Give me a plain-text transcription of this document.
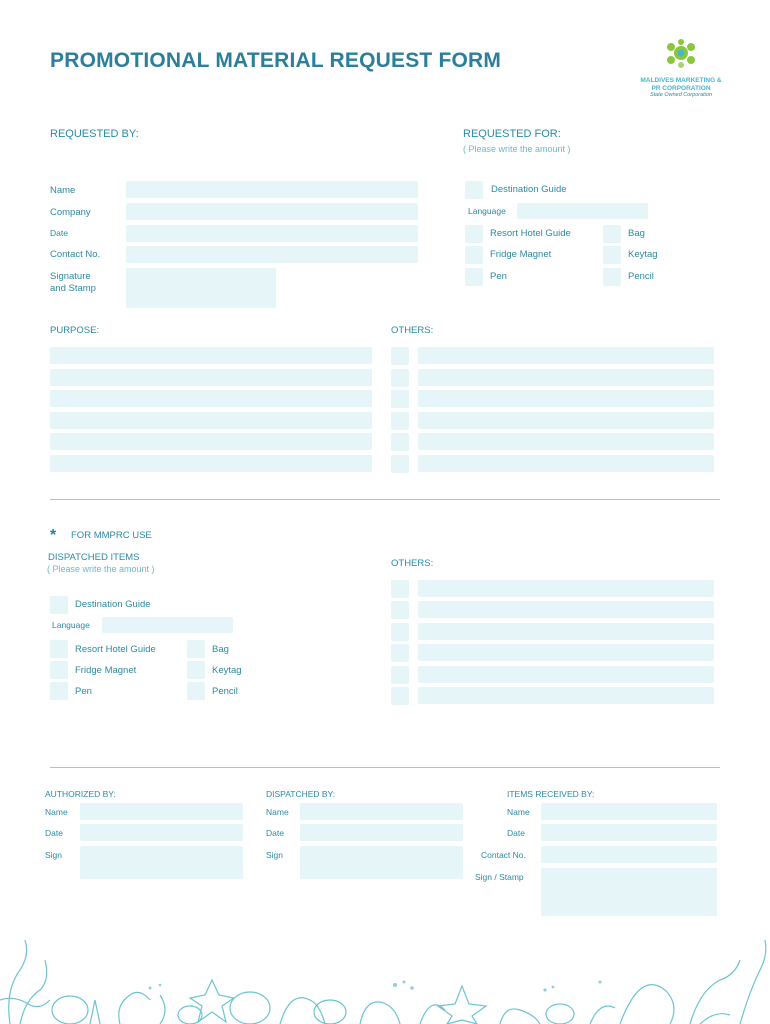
PROMOTIONAL MATERIAL REQUEST FORM
MALDIVES MARKETING &
PR CORPORATION
State Owned Corporation
REQUESTED BY:
Name
Company
Date
Contact No.
Signature
and Stamp
REQUESTED FOR:
( Please write the amount )
Destination Guide
Language
Resort Hotel Guide
Fridge Magnet
Pen
Bag
Keytag
Pencil
PURPOSE:	OTHERS:
* FOR MMPRC USE
DISPATCHED ITEMS
( Please write the amount )
Destination Guide
Language
Resort Hotel Guide
Fridge Magnet
Pen
Bag
Keytag
Pencil
OTHERS:
AUTHORIZED BY:
Name
Date
Sign
DISPATCHED BY:
Name
Date
Sign
ITEMS RECEIVED BY:
Name
Date
Contact No.
Sign / Stamp
